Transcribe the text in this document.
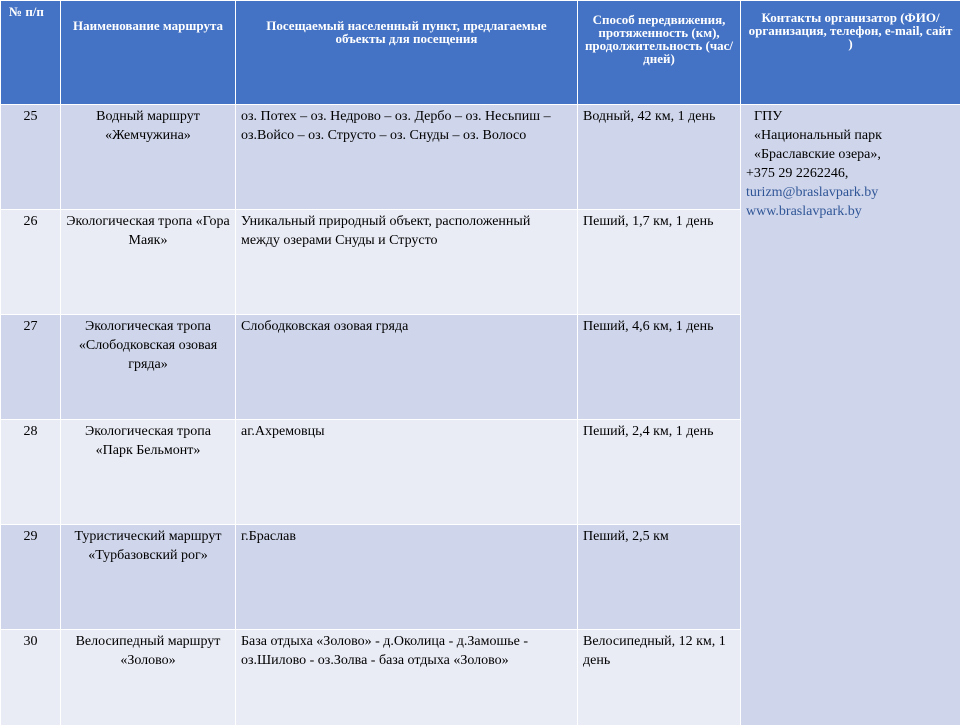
№ п/п	Наименование маршрута	Посещаемый населенный пункт, предлагаемые объекты для посещения	Способ передвижения, протяженность (км), продолжительность (час/дней)	Контакты организатор (ФИО/организация, телефон, e-mail, сайт )
25	Водный маршрут «Жемчужина»	оз. Потех – оз. Недрово – оз. Дербо – оз. Несьпиш – оз.Войсо – оз. Струсто – оз. Снуды – оз. Волосо	Водный, 42 км, 1 день	ГПУ
«Национальный парк «Браславские озера»,
+375 29 2262246,
turizm@braslavpark.by
www.braslavpark.by

26	Экологическая тропа «Гора Маяк»	Уникальный природный объект, расположенный между озерами Снуды и Струсто	Пеший, 1,7 км, 1 день	
27	Экологическая тропа «Слободковская озовая гряда»	Слободковская озовая гряда	Пеший, 4,6 км, 1 день	
28	Экологическая тропа «Парк Бельмонт»	аг.Ахремовцы	Пеший, 2,4 км, 1 день	
29	Туристический маршрут «Турбазовский рог»	г.Браслав	Пеший, 2,5 км	
30	Велосипедный маршрут «Золово»	База отдыха «Золово» - д.Околица - д.Замошье - оз.Шилово - оз.Золва - база отдыха «Золово»	Велосипедный, 12 км, 1 день	
